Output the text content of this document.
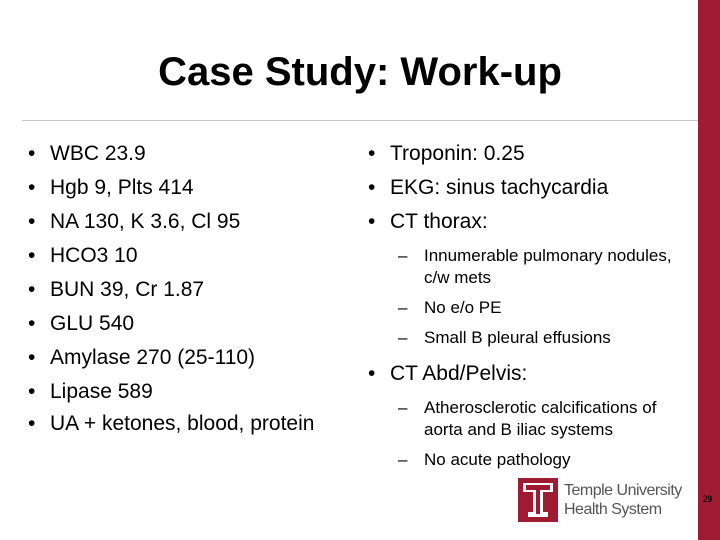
Case Study: Work-up
• WBC 23.9
• Hgb 9, Plts 414
• NA 130, K 3.6, Cl 95
• HCO3 10
• BUN 39, Cr 1.87
• GLU 540
• Amylase 270 (25-110)
• Lipase 589
• UA + ketones, blood, protein
• Troponin: 0.25
• EKG: sinus tachycardia
• CT thorax:
– Innumerable pulmonary nodules, c/w mets
– No e/o PE
– Small B pleural effusions
• CT Abd/Pelvis:
– Atherosclerotic calcifications of aorta and B iliac systems
– No acute pathology
Temple University
Health System
29
